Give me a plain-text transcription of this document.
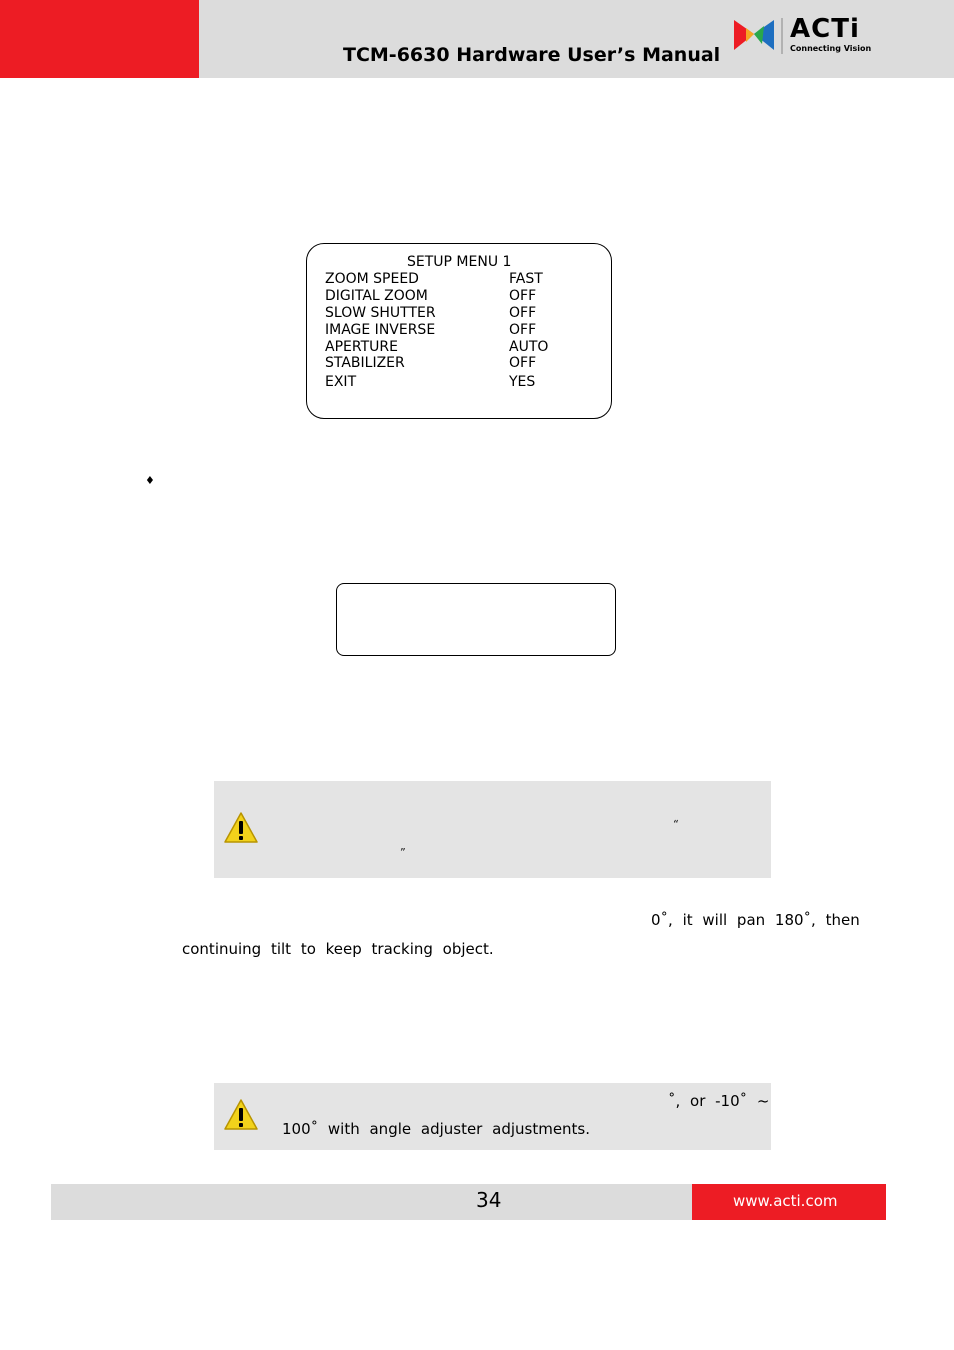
TCM-6630 Hardware User’s Manual
ACTi
Connecting Vision
SETUP MENU 1
ZOOM SPEED	FAST
DIGITAL ZOOM	OFF
SLOW SHUTTER	OFF
IMAGE INVERSE	OFF
APERTURE	AUTO
STABILIZER	OFF
EXIT	YES
♦
“
”
0˚, it will pan 180˚, then
continuing tilt to keep tracking object.
˚, or -10˚ ~
100˚ with angle adjuster adjustments.
34	www.acti.com
